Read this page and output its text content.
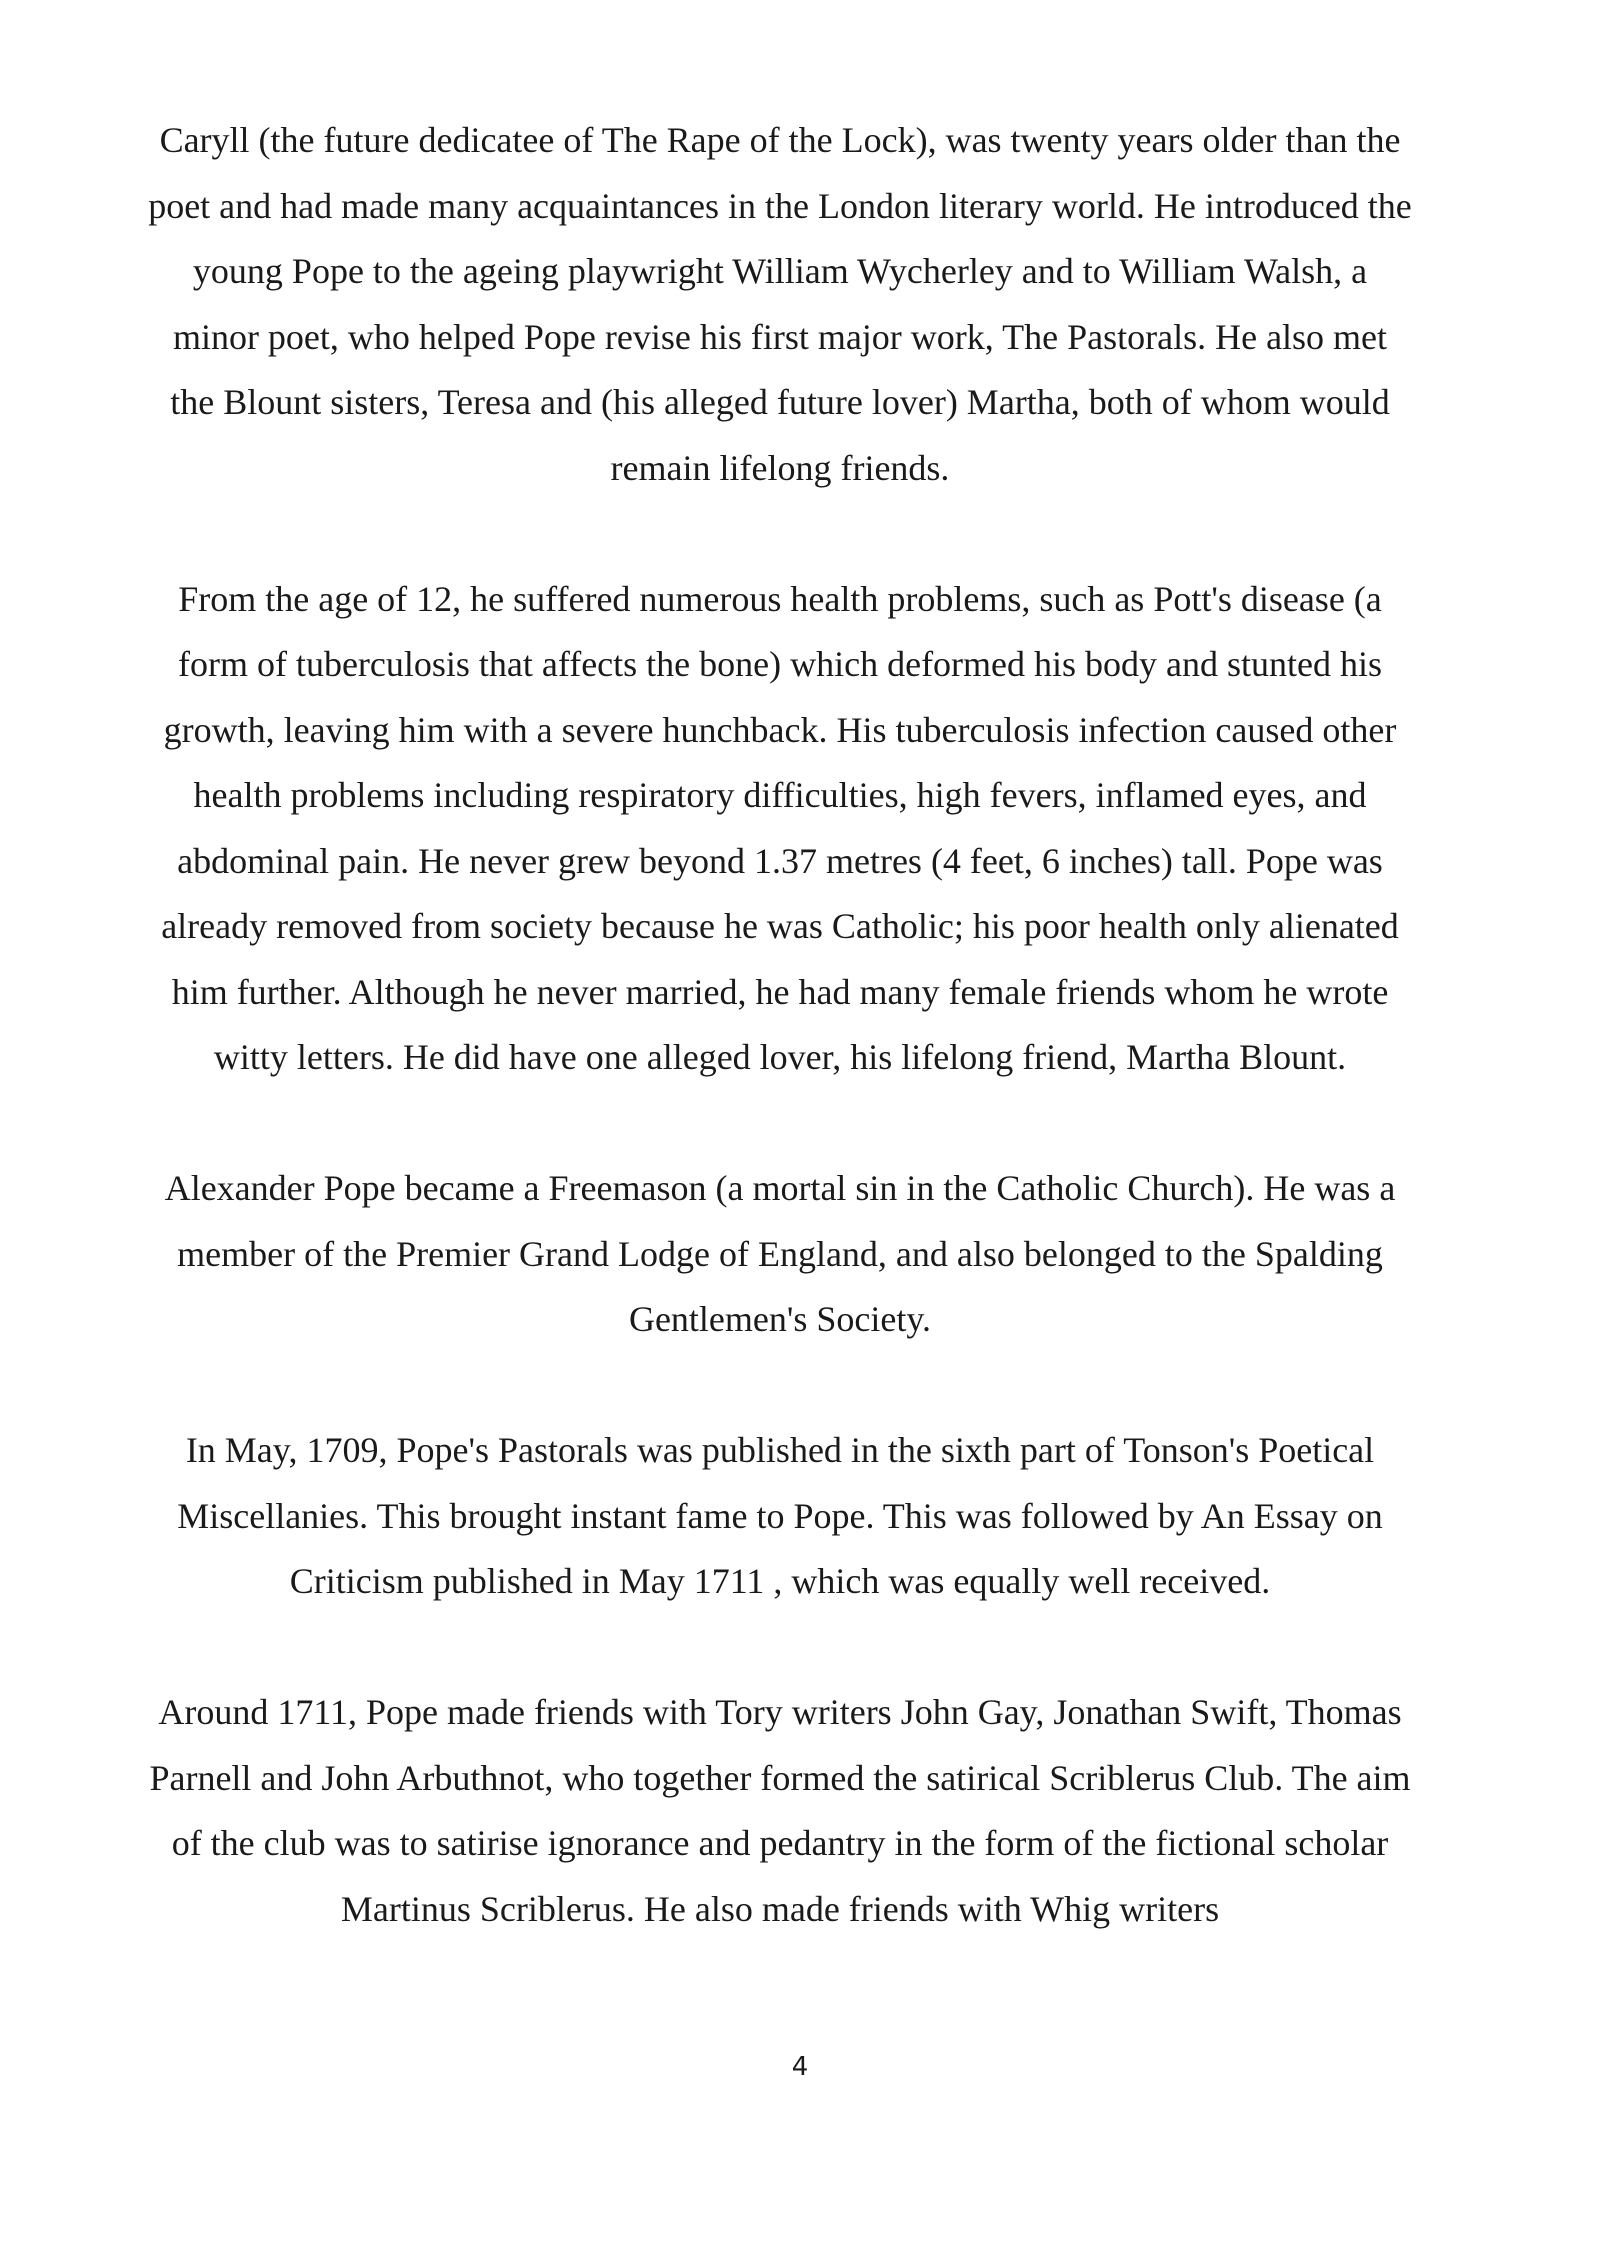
Caryll (the future dedicatee of The Rape of the Lock), was twenty years older than the poet and had made many acquaintances in the London literary world. He introduced the young Pope to the ageing playwright William Wycherley and to William Walsh, a minor poet, who helped Pope revise his first major work, The Pastorals. He also met the Blount sisters, Teresa and (his alleged future lover) Martha, both of whom would remain lifelong friends.

From the age of 12, he suffered numerous health problems, such as Pott's disease (a form of tuberculosis that affects the bone) which deformed his body and stunted his growth, leaving him with a severe hunchback. His tuberculosis infection caused other health problems including respiratory difficulties, high fevers, inflamed eyes, and abdominal pain. He never grew beyond 1.37 metres (4 feet, 6 inches) tall. Pope was already removed from society because he was Catholic; his poor health only alienated him further. Although he never married, he had many female friends whom he wrote witty letters. He did have one alleged lover, his lifelong friend, Martha Blount.

Alexander Pope became a Freemason (a mortal sin in the Catholic Church). He was a member of the Premier Grand Lodge of England, and also belonged to the Spalding Gentlemen's Society.

In May, 1709, Pope's Pastorals was published in the sixth part of Tonson's Poetical Miscellanies. This brought instant fame to Pope. This was followed by An Essay on Criticism published in May 1711 , which was equally well received.

Around 1711, Pope made friends with Tory writers John Gay, Jonathan Swift, Thomas Parnell and John Arbuthnot, who together formed the satirical Scriblerus Club. The aim of the club was to satirise ignorance and pedantry in the form of the fictional scholar Martinus Scriblerus. He also made friends with Whig writers

4
